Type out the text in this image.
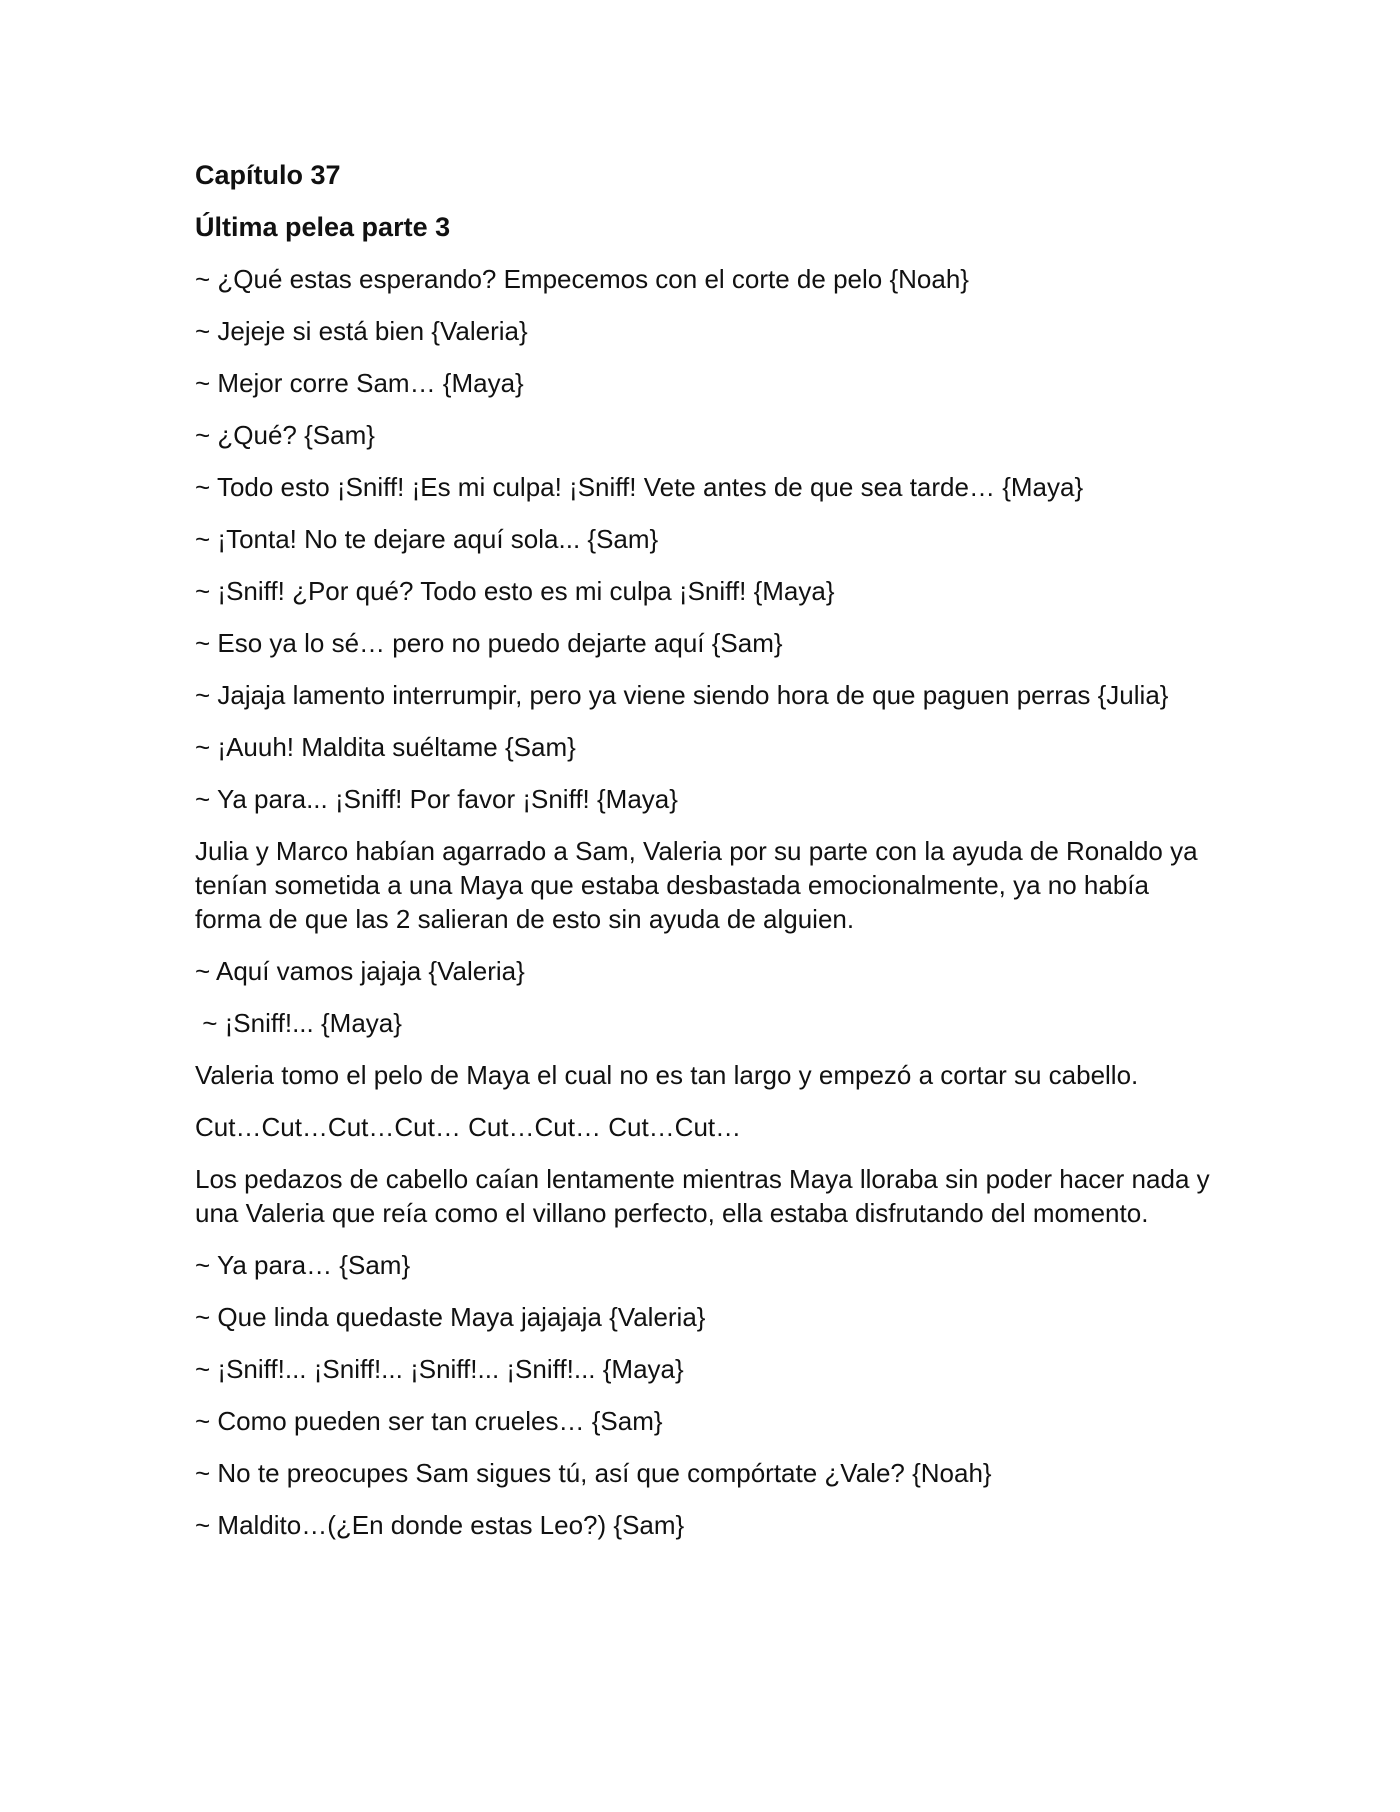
Capítulo 37
Última pelea parte 3
~ ¿Qué estas esperando? Empecemos con el corte de pelo {Noah}
~ Jejeje si está bien {Valeria}
~ Mejor corre Sam… {Maya}
~ ¿Qué? {Sam}
~ Todo esto ¡Sniff! ¡Es mi culpa! ¡Sniff! Vete antes de que sea tarde… {Maya}
~ ¡Tonta! No te dejare aquí sola... {Sam}
~ ¡Sniff! ¿Por qué? Todo esto es mi culpa ¡Sniff! {Maya}
~ Eso ya lo sé… pero no puedo dejarte aquí {Sam}
~ Jajaja lamento interrumpir, pero ya viene siendo hora de que paguen perras {Julia}
~ ¡Auuh! Maldita suéltame {Sam}
~ Ya para... ¡Sniff! Por favor ¡Sniff! {Maya}
Julia y Marco habían agarrado a Sam, Valeria por su parte con la ayuda de Ronaldo ya tenían sometida a una Maya que estaba desbastada emocionalmente, ya no había forma de que las 2 salieran de esto sin ayuda de alguien.
~ Aquí vamos jajaja {Valeria}
~ ¡Sniff!... {Maya}
Valeria tomo el pelo de Maya el cual no es tan largo y empezó a cortar su cabello.
Cut…Cut…Cut…Cut… Cut…Cut… Cut…Cut…
Los pedazos de cabello caían lentamente mientras Maya lloraba sin poder hacer nada y una Valeria que reía como el villano perfecto, ella estaba disfrutando del momento.
~ Ya para… {Sam}
~ Que linda quedaste Maya jajajaja {Valeria}
~ ¡Sniff!... ¡Sniff!... ¡Sniff!... ¡Sniff!... {Maya}
~ Como pueden ser tan crueles… {Sam}
~ No te preocupes Sam sigues tú, así que compórtate ¿Vale? {Noah}
~ Maldito…(¿En donde estas Leo?) {Sam}
